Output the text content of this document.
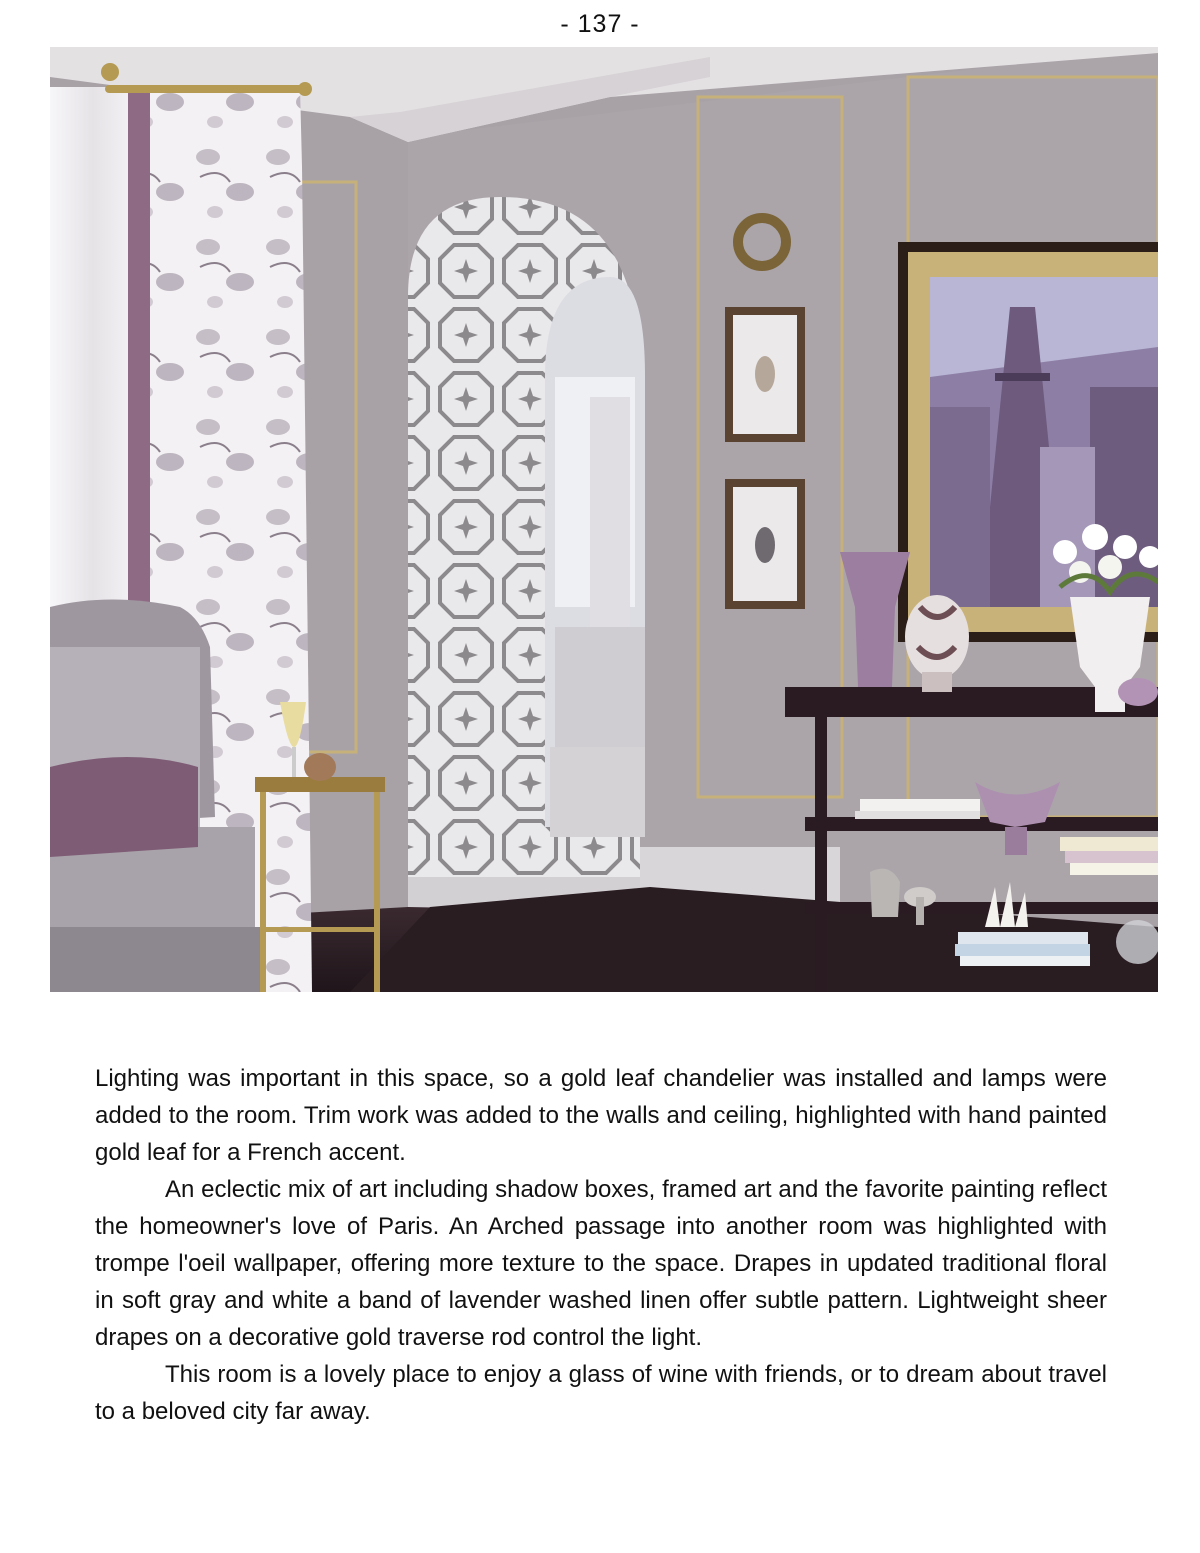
- 137 -

Lighting was important in this space, so a gold leaf chandelier was installed and lamps were added to the room. Trim work was added to the walls and ceiling, highlighted with hand painted gold leaf for a French accent.

An eclectic mix of art including shadow boxes, framed art and the favorite painting reflect the homeowner's love of Paris. An Arched passage into another room was highlighted with trompe l'oeil wallpaper, offering more texture to the space. Drapes in updated traditional floral in soft gray and white a band of lavender washed linen offer subtle pattern. Lightweight sheer drapes on a decorative gold traverse rod control the light.

This room is a lovely place to enjoy a glass of wine with friends, or to dream about travel to a beloved city far away.
